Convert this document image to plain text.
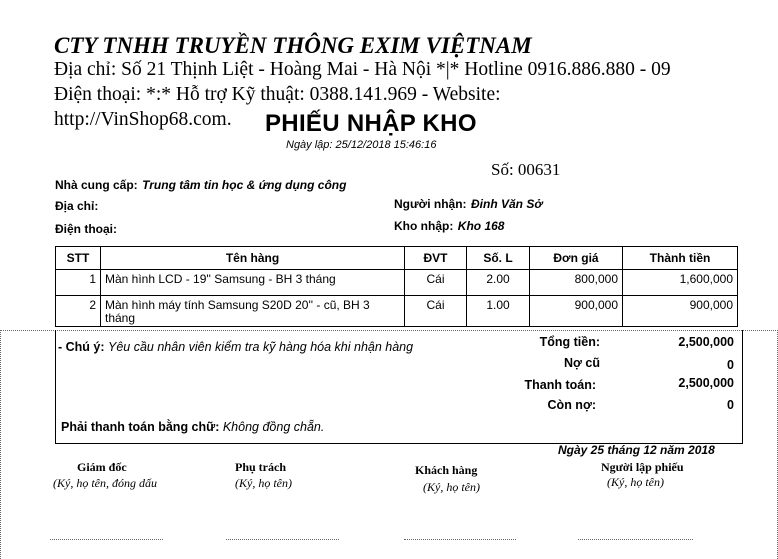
CTY TNHH TRUYỀN THÔNG EXIM VIỆTNAM
Địa chỉ: Số 21 Thịnh Liệt - Hoàng Mai - Hà Nội *|* Hotline 0916.886.880 - 09
Điện thoại: *:* Hỗ trợ Kỹ thuật: 0388.141.969 - Website:
http://VinShop68.com. PHIẾU NHẬP KHO
Ngày lập: 25/12/2018 15:46:16
Số: 00631
Nhà cung cấp: Trung tâm tin học & ứng dụng công
Địa chỉ:
Điện thoại:
Người nhận: Đinh Văn Sở
Kho nhập: Kho 168
STT	Tên hàng	ĐVT	Số. L	Đơn giá	Thành tiền
1	Màn hình LCD - 19'' Samsung - BH 3 tháng	Cái	2.00	800,000	1,600,000
2	Màn hình máy tính Samsung S20D 20'' - cũ, BH 3 tháng	Cái	1.00	900,000	900,000
- Chú ý: Yêu cầu nhân viên kiểm tra kỹ hàng hóa khi nhận hàng	Tổng tiền:	2,500,000
Nợ cũ	0
Thanh toán:	2,500,000
Còn nợ:	0
Phải thanh toán bằng chữ: Không đồng chẵn.
Ngày 25 tháng 12 năm 2018
Giám đốc
(Ký, họ tên, đóng dấu
Phụ trách
(Ký, họ tên)
Khách hàng
(Ký, họ tên)
Người lập phiếu
(Ký, họ tên)
